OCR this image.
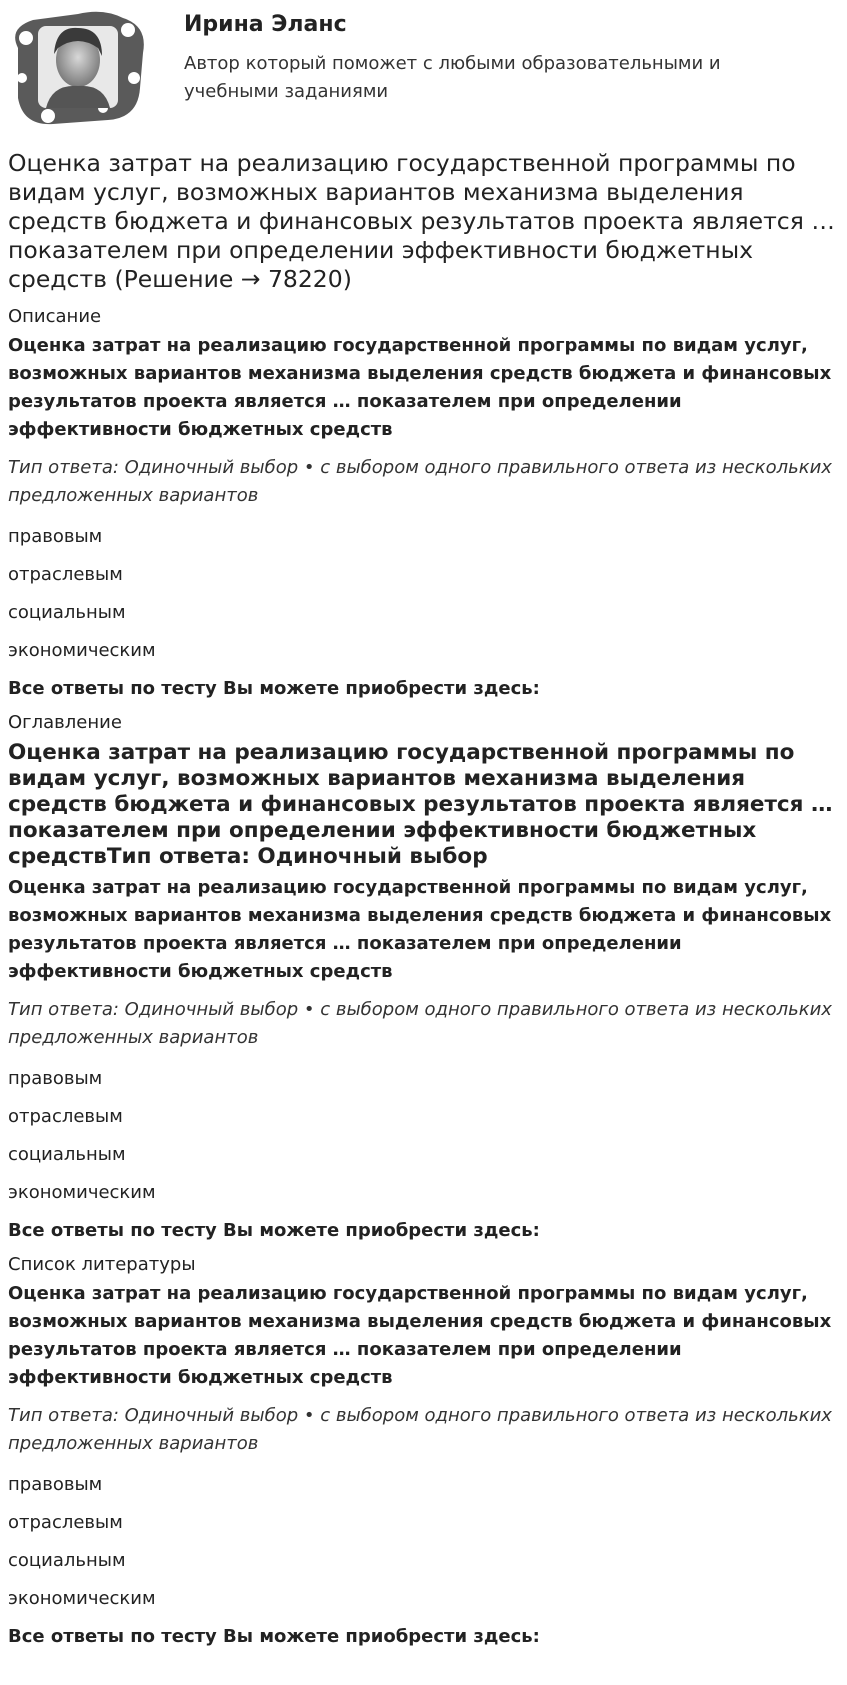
Ирина Эланс
Автор который поможет с любыми образовательными и учебными заданиями
Оценка затрат на реализацию государственной программы по видам услуг, возможных вариантов механизма выделения средств бюджета и финансовых результатов проекта является … показателем при определении эффективности бюджетных средств (Решение → 78220)
Описание
Оценка затрат на реализацию государственной программы по видам услуг, возможных вариантов механизма выделения средств бюджета и финансовых результатов проекта является … показателем при определении эффективности бюджетных средств
Тип ответа: Одиночный выбор • с выбором одного правильного ответа из нескольких предложенных вариантов
правовым
отраслевым
социальным
экономическим
Все ответы по тесту Вы можете приобрести здесь:
Оглавление
Оценка затрат на реализацию государственной программы по видам услуг, возможных вариантов механизма выделения средств бюджета и финансовых результатов проекта является … показателем при определении эффективности бюджетных средствТип ответа: Одиночный выбор
Оценка затрат на реализацию государственной программы по видам услуг, возможных вариантов механизма выделения средств бюджета и финансовых результатов проекта является … показателем при определении эффективности бюджетных средств
Тип ответа: Одиночный выбор • с выбором одного правильного ответа из нескольких предложенных вариантов
правовым
отраслевым
социальным
экономическим
Все ответы по тесту Вы можете приобрести здесь:
Список литературы
Оценка затрат на реализацию государственной программы по видам услуг, возможных вариантов механизма выделения средств бюджета и финансовых результатов проекта является … показателем при определении эффективности бюджетных средств
Тип ответа: Одиночный выбор • с выбором одного правильного ответа из нескольких предложенных вариантов
правовым
отраслевым
социальным
экономическим
Все ответы по тесту Вы можете приобрести здесь:
